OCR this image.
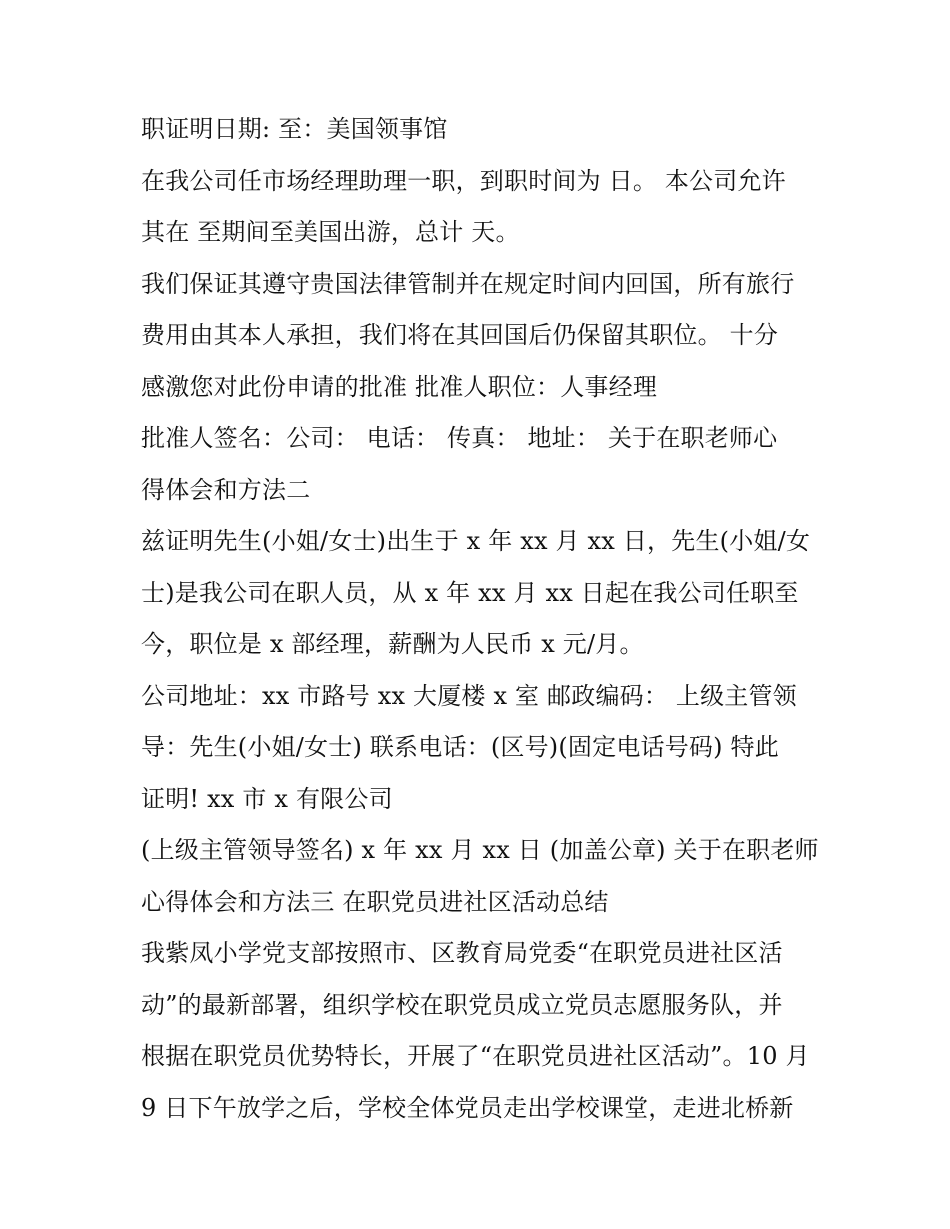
职证明日期: 至：美国领事馆
在我公司任市场经理助理一职，到职时间为 日。 本公司允许
其在 至期间至美国出游，总计 天。
我们保证其遵守贵国法律管制并在规定时间内回国，所有旅行
费用由其本人承担，我们将在其回国后仍保留其职位。 十分
感激您对此份申请的批准 批准人职位：人事经理
批准人签名：公司： 电话： 传真： 地址： 关于在职老师心
得体会和方法二
兹证明先生(小姐/女士)出生于 x 年 xx 月 xx 日，先生(小姐/女
士)是我公司在职人员，从 x 年 xx 月 xx 日起在我公司任职至
今，职位是 x 部经理，薪酬为人民币 x 元/月。
公司地址：xx 市路号 xx 大厦楼 x 室 邮政编码： 上级主管领
导：先生(小姐/女士) 联系电话：(区号)(固定电话号码) 特此
证明! xx 市 x 有限公司
(上级主管领导签名) x 年 xx 月 xx 日 (加盖公章) 关于在职老师
心得体会和方法三 在职党员进社区活动总结
我紫凤小学党支部按照市、区教育局党委“在职党员进社区活
动”的最新部署，组织学校在职党员成立党员志愿服务队，并
根据在职党员优势特长，开展了“在职党员进社区活动”。10 月
9 日下午放学之后，学校全体党员走出学校课堂，走进北桥新
